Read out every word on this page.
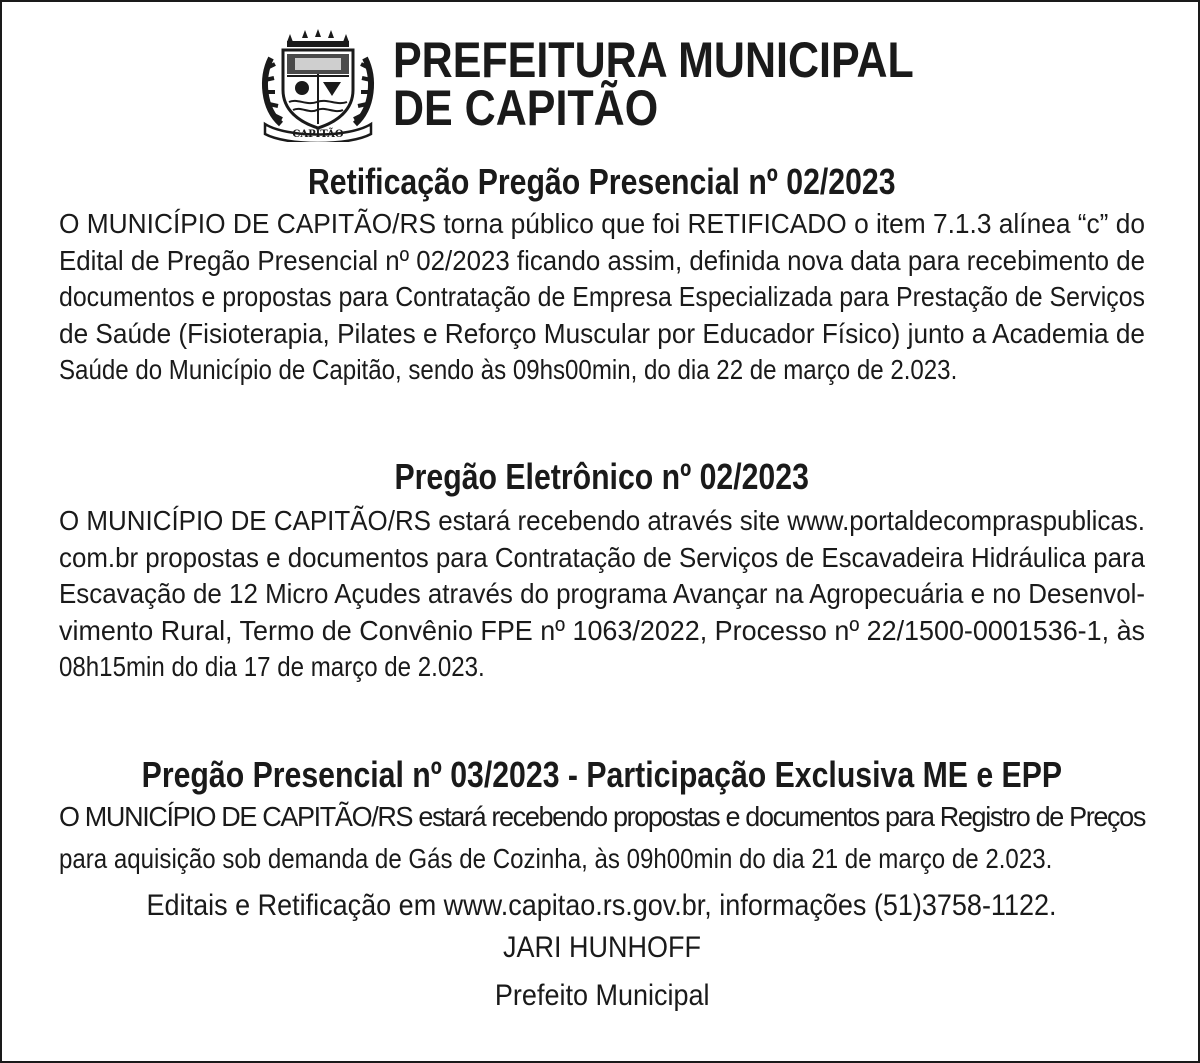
CAPITÃO
PREFEITURA MUNICIPAL
DE CAPITÃO
Retificação Pregão Presencial nº 02/2023
O MUNICÍPIO DE CAPITÃO/RS torna público que foi RETIFICADO o item 7.1.3 alínea “c” do
Edital de Pregão Presencial nº 02/2023 ficando assim, definida nova data para recebimento de
documentos e propostas para Contratação de Empresa Especializada para Prestação de Serviços
de Saúde (Fisioterapia, Pilates e Reforço Muscular por Educador Físico) junto a Academia de
Saúde do Município de Capitão, sendo às 09hs00min, do dia 22 de março de 2.023.
Pregão Eletrônico nº 02/2023
O MUNICÍPIO DE CAPITÃO/RS estará recebendo através site www.portaldecompraspublicas.
com.br propostas e documentos para Contratação de Serviços de Escavadeira Hidráulica para
Escavação de 12 Micro Açudes através do programa Avançar na Agropecuária e no Desenvol-
vimento Rural, Termo de Convênio FPE nº 1063/2022, Processo nº 22/1500-0001536-1, às
08h15min do dia 17 de março de 2.023.
Pregão Presencial nº 03/2023 - Participação Exclusiva ME e EPP
O MUNICÍPIO DE CAPITÃO/RS estará recebendo propostas e documentos para Registro de Preços
para aquisição sob demanda de Gás de Cozinha, às 09h00min do dia 21 de março de 2.023.
Editais e Retificação em www.capitao.rs.gov.br, informações (51)3758-1122.
JARI HUNHOFF
Prefeito Municipal
